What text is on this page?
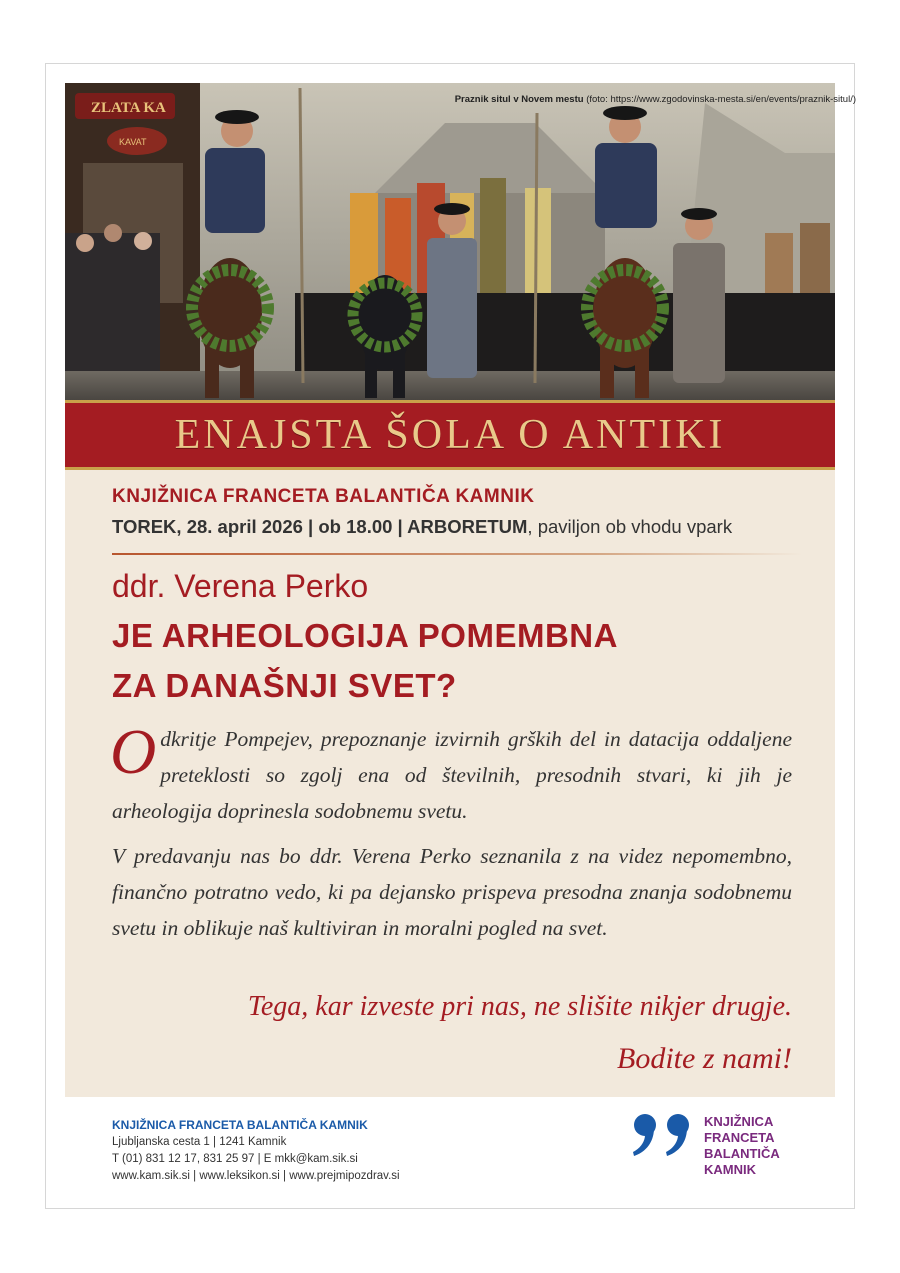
ZLATA KA
KAVAT
Praznik situl v Novem mestu (foto: https://www.zgodovinska-mesta.si/en/events/praznik-situl/)
ENAJSTA ŠOLA O ANTIKI
KNJIŽNICA FRANCETA BALANTIČA KAMNIK
TOREK, 28. april 2026 | ob 18.00 | ARBORETUM, paviljon ob vhodu vpark
ddr. Verena Perko
JE ARHEOLOGIJA POMEMBNA
ZA DANAŠNJI SVET?
Odkritje Pompejev, prepoznanje izvirnih grških del in datacija oddaljene preteklosti so zgolj ena od številnih, presodnih stvari, ki jih je arheologija doprinesla sodobnemu svetu.
V predavanju nas bo ddr. Verena Perko seznanila z na videz nepomembno, finančno potratno vedo, ki pa dejansko prispeva presodna znanja sodobnemu svetu in oblikuje naš kultiviran in moralni pogled na svet.
Tega, kar izveste pri nas, ne slišite nikjer drugje.
Bodite z nami!
KNJIŽNICA FRANCETA BALANTIČA KAMNIK
Ljubljanska cesta 1 | 1241 Kamnik
T (01) 831 12 17, 831 25 97 | E mkk@kam.sik.si
www.kam.sik.si | www.leksikon.si | www.prejmipozdrav.si
KNJIŽNICA
FRANCETA
BALANTIČA
KAMNIK
